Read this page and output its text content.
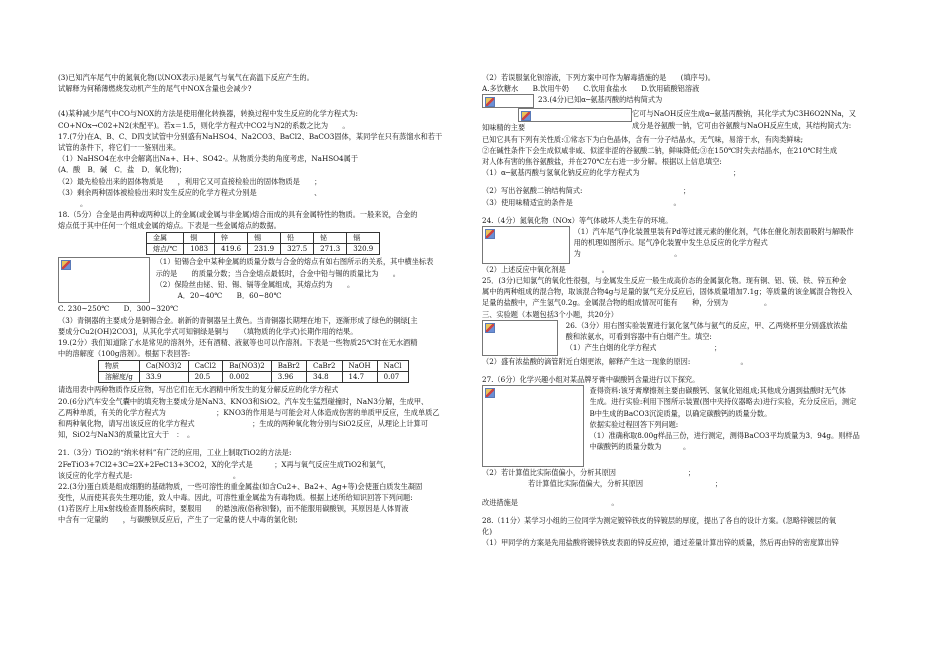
(3)已知汽车尾气中的氮氧化物(以NOX表示)是氮气与氧气在高温下反应产生的。
试解释为何稀薄燃烧发动机产生的尾气中NOX含量也会减少?
(4)某种减少尾气中CO与NOX的方法是使用催化转换器，转换过程中发生反应的化学方程式为:
CO+NOx→C02+N2(未配平)。若x＝1.5，则化学方程式中CO2与N2的系数之比为　　。
17.(7分)在A、B、C、D四支试管中分别盛有NaHSO4、Na2CO3、BaCl2、BaCO3固体，某同学在只有蒸馏水和若干
试管的条件下，将它们一一鉴别出来。
（1）NaHSO4在水中会解离出Na+、H+、SO42-。从物质分类的角度考虑，NaHSO4属于
(A．酸　B．碱　C．盐　D．氧化物)；
（2）最先检验出来的固体物质是　　，利用它又可直接检验出的固体物质是　　；
（3）剩余两种固体被检验出来时发生反应的化学方程式分别是　　　　　　　　、
。
18.（5分）合金是由两种或两种以上的金属(或金属与非金属)熔合而成的具有金属特性的物质。一般来说，合金的
熔点低于其中任何一个组成金属的熔点。下表是一些金属熔点的数据。
金属	铜	锌	锡	铅	铋	镉
熔点/℃	1083	419.6	231.9	327.5	271.3	320.9
（1）铅锡合金中某种金属的质量分数与合金的熔点有如右图所示的关系，其中横坐标表
示的是　　的质量分数；当合金熔点最低时，合金中铅与锡的质量比为　　。
（2）保险丝由铋、铅、锡、镉等金属组成，其熔点约为　　。
A．20~40℃　　B．60~80℃
C. 230~250℃　　D．300~320℃
（3）青铜器的主要成分是铜锡合金。崭新的青铜器呈土黄色。当青铜器长期埋在地下，逐渐形成了绿色的铜绿[主
要成分Cu2(OH)2CO3]，从其化学式可知铜绿是铜与　　（填物质的化学式)长期作用的结果。
19.(2分）我们知道除了水是常见的溶剂外，还有酒精、液氨等也可以作溶剂。下表是一些物质25℃时在无水酒精
中的溶解度（100g溶剂）。根据下表回答:
物质	Ca(NO3)2	CaCl2	Ba(NO3)2	BaBr2	CaBr2	NaOH	NaCl
溶解度/g	33.9	20.5	0.002	3.96	34.8	14.7	0.07
请选用表中两种物质作反应物，写出它们在无水酒精中所发生的复分解反应的化学方程式
20.(6分)汽车安全气囊中的填充物主要成分是NaN3、KNO3和SiO2。汽车发生猛烈碰撞时，NaN3分解，生成甲、
乙两种单质，有关的化学方程式为　　　　　　　；KNO3的作用是与可能会对人体造成伤害的单质甲反应，生成单质乙
和两种氧化物，请写出该反应的化学方程式　　　　　　　　；生成的两种氧化物分别与SiO2反应，从理论上计算可
知，SiO2与NaN3的质量比宜大于　：　。
21.（3分）TiO2的“纳米材料”有广泛的应用，工业上制取TiO2的方法是:
2FeTiO3+7Cl2+3C=2X+2FeC13+3CO2，X的化学式是　　　；X再与氧气反应生成TiO2和氯气，
该反应的化学方程式是:　　　　　　　　　　　　　　。
22.(3分)蛋白质是组成细胞的基础物质，一些可溶性的重金属盐(如含Cu2+、Ba2+、Ag+等)会使蛋白质发生凝固
变性，从而使其丧失生理功能，致人中毒。因此，可溶性重金属盐为有毒物质。根据上述所给知识回答下列问题:
(1)若医疗上用x射线检查胃肠疾病时，要服用　　的悬浊液(俗称钡餐)，而不能服用碳酸钡，其原因是人体胃液
中含有一定量的　　，与碳酸钡反应后，产生了一定量的使人中毒的氯化钡;
（2）若误服氯化钡溶液，下列方案中可作为解毒措施的是　　(填序号)。
A.多饮糖水　　B.饮用牛奶　　C.饮用食盐水　　D.饮用硫酸铝溶液
23.(4分)已知α─氨基丙酸的结构简式为
知味精的主要
它可与NaOH反应生成α─氨基丙酸钠，其化学式为C3H6O2NNa，又
成分是谷氨酸一钠，它可由谷氨酸与NaOH反应生成，其结构简式为:
已知它具有下列有关性质:①常态下为白色晶体，含有一分子结晶水，无气味，易溶于水，有肉类鲜味;
②在碱性条件下会生成似咸非咸、似涩非涩的谷氨酸二钠，鲜味降低;③在150℃时失去结晶水，在210℃时生成
对人体有害的焦谷氨酸盐，并在270℃左右进一步分解。根据以上信息填空:
（1）α─氨基丙酸与氢氧化钠反应的化学方程式为　　　　　　　　　　　　　；
（2）写出谷氨酸二钠结构简式:　　　　　　　　　　　　　　；
（3）使用味精适宜的条件是　　　　　　　　　　　　　　。
24.（4分）氮氧化物（NOx）等气体破坏人类生存的环境。
（1）汽车尾气净化装置里装有Pd等过渡元素的催化剂，气体在催化剂表面吸附与解吸作
用的机理如图所示。尾气净化装置中发生总反应的化学方程式
为　　　　　　　　　　　　　。
（2）上述反应中氧化剂是　　　　　。
25．(3分)已知氯气的氧化性很强，与金属发生反应一般生成高价态的金属氯化物。现有铜、铝、镁、铁、锌五种金
属中的两种组成的混合物，取该混合物4g与足量的氯气充分反应后，固体质量增加7.1g；等质量的该金属混合物投入
足量的盐酸中，产生氢气0.2g。金属混合物的组成情况可能有　　种，分别为　　　　　。
三、实验题（本题包括3个小题，共20分）
26.（3分）用右图实验装置进行氯化氢气体与氨气的反应，甲、乙两烧杯里分别盛放浓盐
酸和浓氨水，可看到容器中有白烟产生。填空:
（1）产生白烟的化学方程式　　　　　　　　；
（2）盛有浓盐酸的滴管附近白烟更浓，解释产生这一现象的原因:　　　　　　　。
27.（6分）化学兴趣小组对某品牌牙膏中碳酸钙含量进行以下探究。
查得资料:该牙膏摩擦剂主要由碳酸钙、氢氧化铝组成;其他成分遇到盐酸时无气体
生成。进行实验:利用下图所示装置(图中夹持仪器略去)进行实验，充分反应后，测定
B中生成的BaCO3沉淀质量，以确定碳酸钙的质量分数。
依据实验过程回答下列问题:
（1）准确称取8.00g样品三份，进行测定，测得BaCO3平均质量为3．94g。则样品
中碳酸钙的质量分数为　　　。
（2）若计算值比实际值偏小，分析其原因　　　　　　　　　　；
若计算值比实际值偏大，分析其原因　　　　　　　　　　；
改进措施是　　　　　　　　　　　　　。
28.（11分）某学习小组的三位同学为测定镀锌铁皮的锌镀层的厚度，提出了各自的设计方案。(忽略锌镀层的氧
化)
（1）甲同学的方案是先用盐酸将镀锌铁皮表面的锌反应掉，通过差量计算出锌的质量，然后再由锌的密度算出锌
